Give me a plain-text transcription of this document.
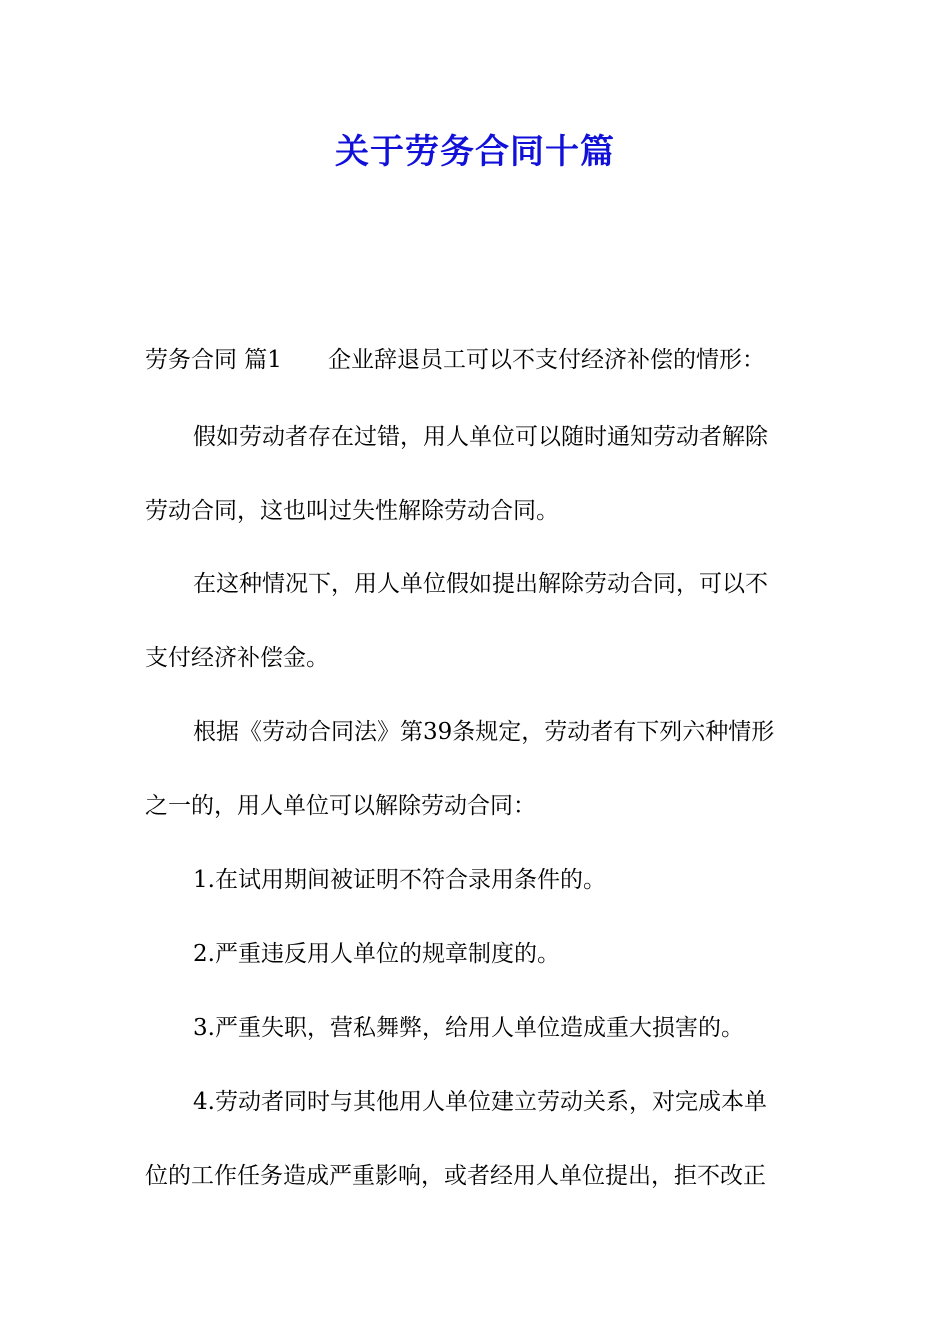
关于劳务合同十篇

劳务合同 篇1 企业辞退员工可以不支付经济补偿的情形：

假如劳动者存在过错，用人单位可以随时通知劳动者解除

劳动合同，这也叫过失性解除劳动合同。

在这种情况下，用人单位假如提出解除劳动合同，可以不

支付经济补偿金。

根据《劳动合同法》第39条规定，劳动者有下列六种情形

之一的，用人单位可以解除劳动合同：

1.在试用期间被证明不符合录用条件的。

2.严重违反用人单位的规章制度的。

3.严重失职，营私舞弊，给用人单位造成重大损害的。

4.劳动者同时与其他用人单位建立劳动关系，对完成本单

位的工作任务造成严重影响，或者经用人单位提出，拒不改正
